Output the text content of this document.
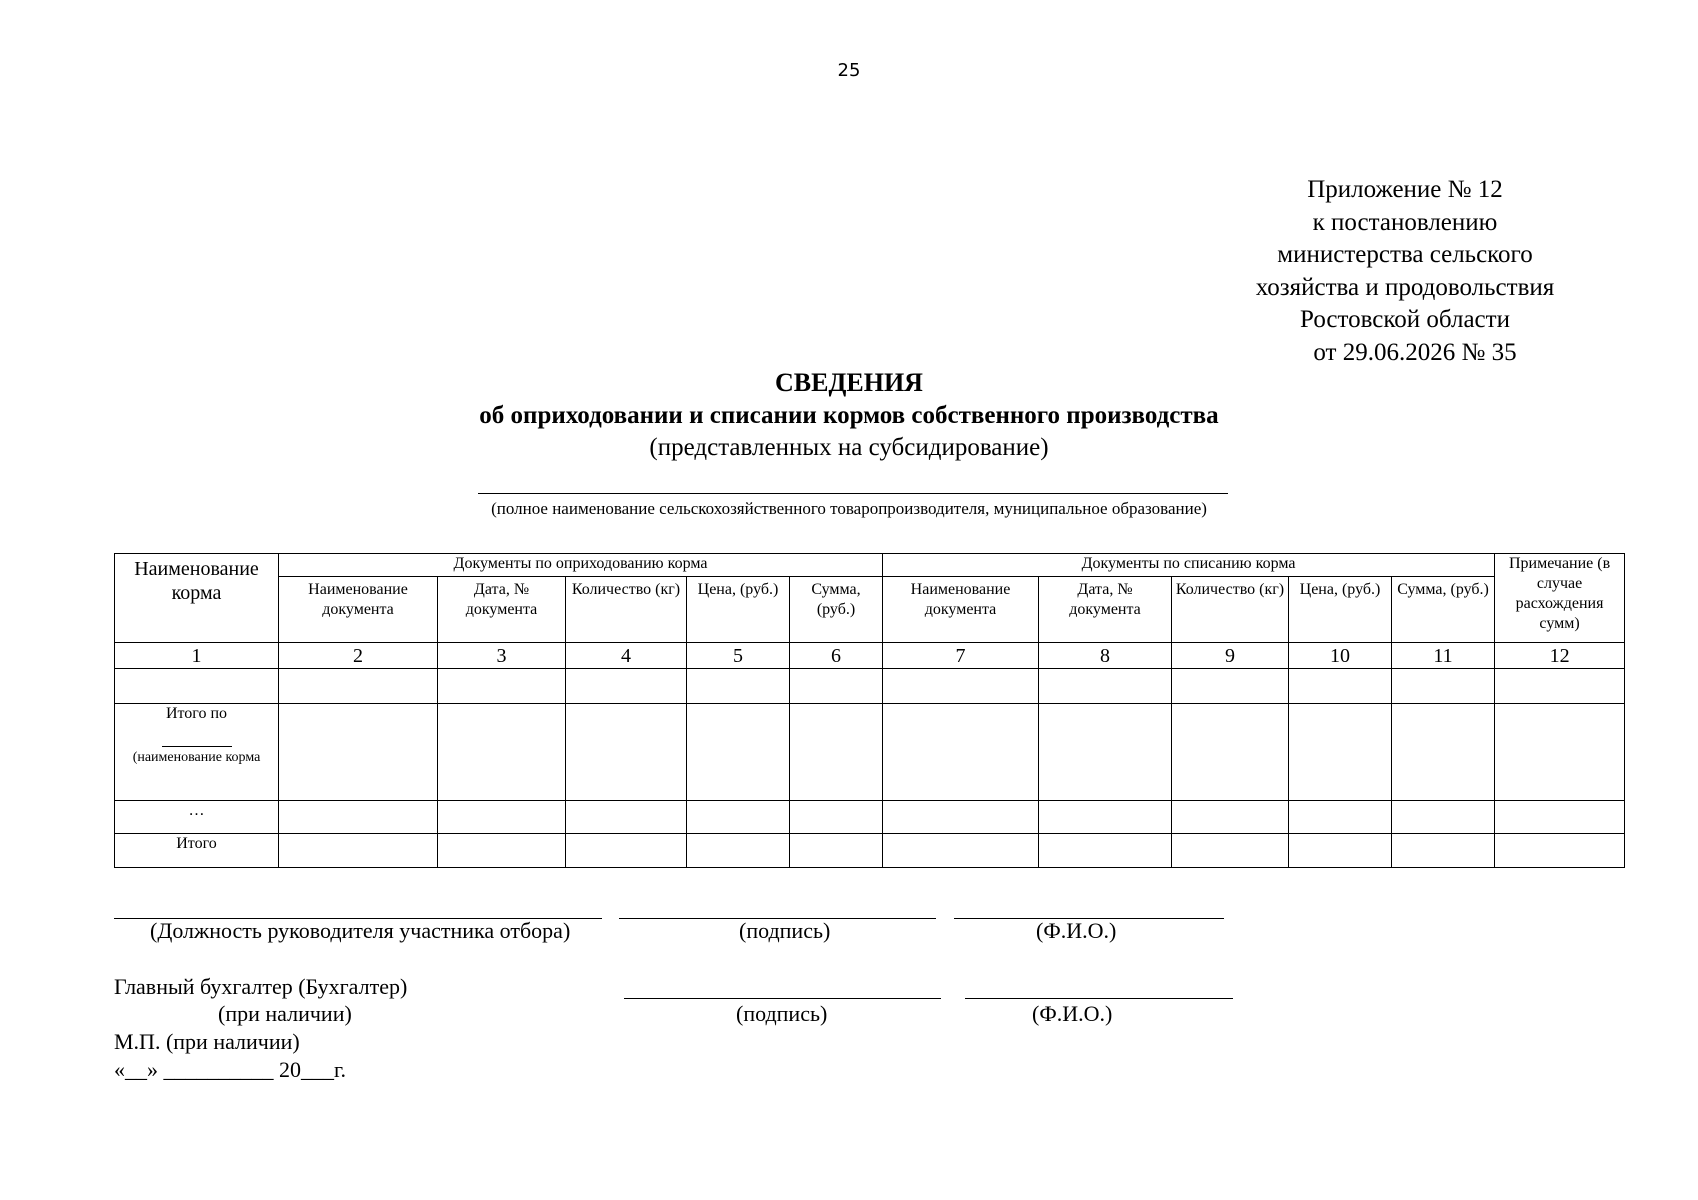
25
Приложение № 12
к постановлению
министерства сельского
хозяйства и продовольствия
Ростовской области
от 29.06.2026 № 35
СВЕДЕНИЯ
об оприходовании и списании кормов собственного производства
(представленных на субсидирование)
(полное наименование сельскохозяйственного товаропроизводителя, муниципальное образование)
Наименование корма	Документы по оприходованию корма					Документы по списанию корма					Примечание (в случае расхождения сумм)
	Наименование документа	Дата, № документа	Количество (кг)	Цена, (руб.)	Сумма, (руб.)	Наименование документа	Дата, № документа	Количество (кг)	Цена, (руб.)	Сумма, (руб.)	
1	2	3	4	5	6	7	8	9	10	11	12

Итого по
(наименование корма											

…											
Итого											
(Должность руководителя участника отбора)	(подпись)	(Ф.И.О.)
Главный бухгалтер (Бухгалтер)
(при наличии)	(подпись)	(Ф.И.О.)
М.П. (при наличии)
«__» __________ 20___г.
